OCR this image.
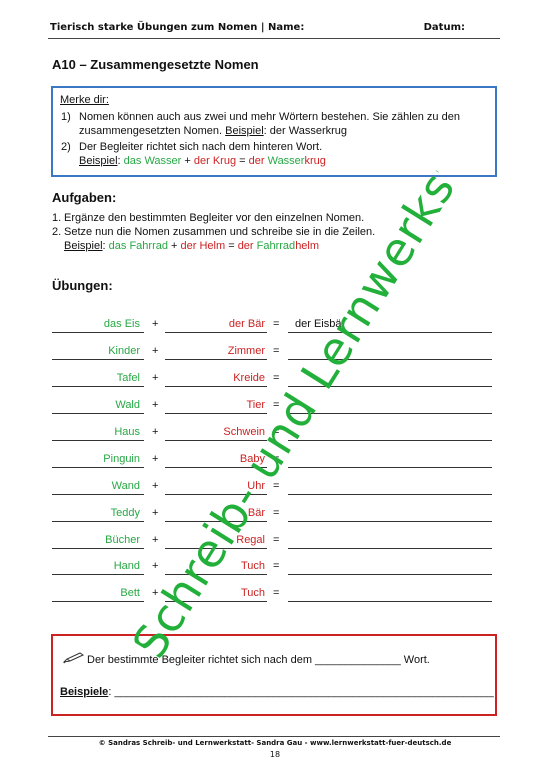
Tierisch starke Übungen zum Nomen | Name:	Datum:
A10 – Zusammengesetzte Nomen
Merke dir:
1) Nomen können auch aus zwei und mehr Wörtern bestehen. Sie zählen zu den
zusammengesetzten Nomen. Beispiel: der Wasserkrug
2) Der Begleiter richtet sich nach dem hinteren Wort.
Beispiel: das Wasser + der Krug = der Wasserkrug
Aufgaben:
1. Ergänze den bestimmten Begleiter vor den einzelnen Nomen.
2. Setze nun die Nomen zusammen und schreibe sie in die Zeilen.
Beispiel: das Fahrrad + der Helm = der Fahrradhelm
Übungen:
das Eis +	der Bär = der Eisbär
Kinder +	Zimmer =
Tafel +	Kreide =
Wald +	Tier =
Haus +	Schwein =
Pinguin +	Baby =
Wand +	Uhr =
Teddy +	Bär =
Bücher +	Regal =
Hand +	Tuch =
Bett +	Tuch =
Der bestimmte Begleiter richtet sich nach dem ______________ Wort.
Beispiele: ______________________________________________________________
© Sandras Schreib- und Lernwerkstatt- Sandra Gau - www.lernwerkstatt-fuer-deutsch.de
18
Schreib- und Lernwerkstatt
